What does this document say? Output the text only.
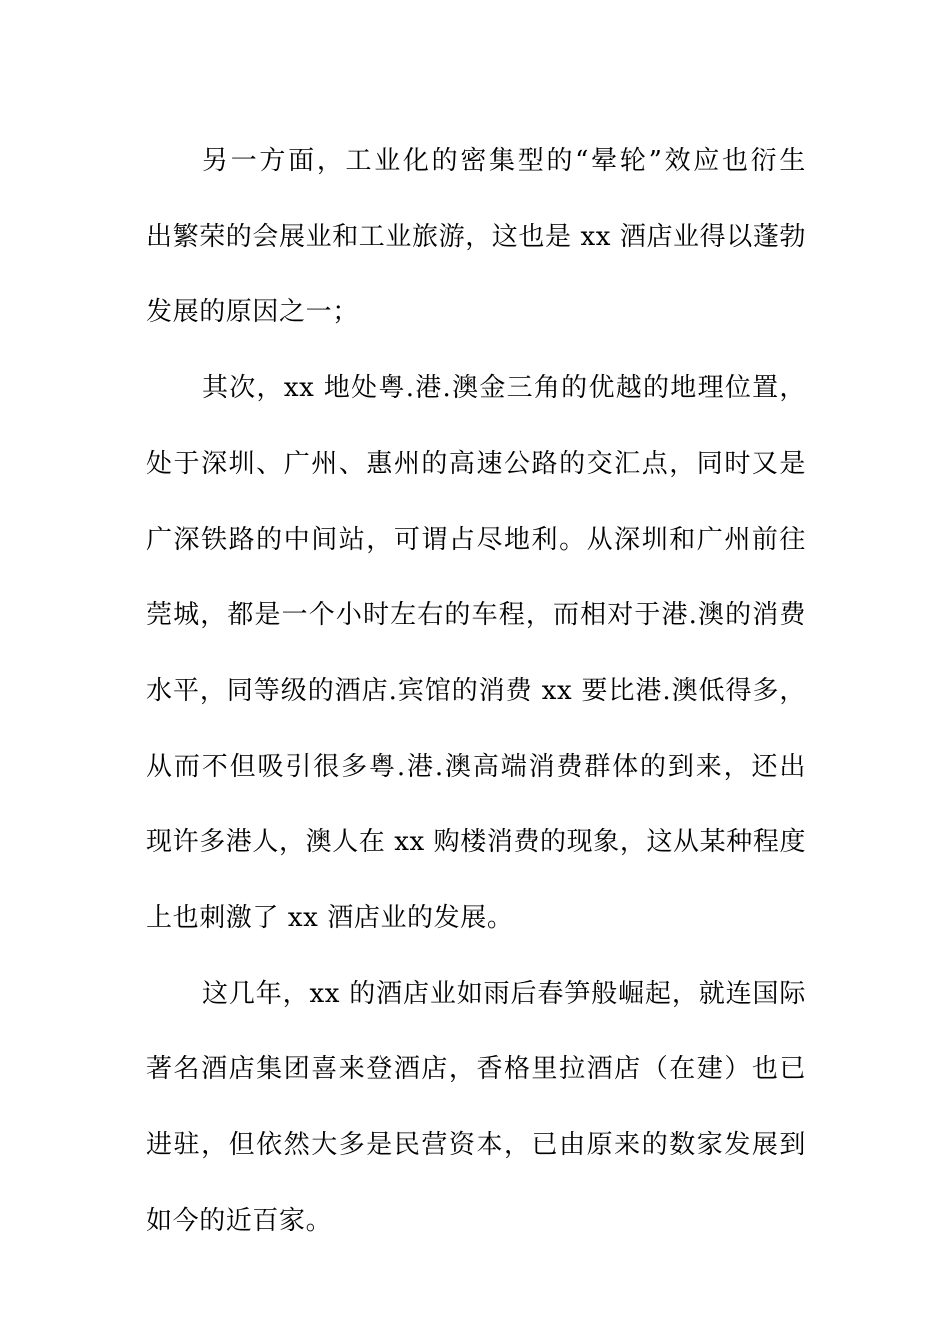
另一方面，工业化的密集型的“晕轮”效应也衍生
出繁荣的会展业和工业旅游，这也是 xx 酒店业得以蓬勃
发展的原因之一；
其次，xx 地处粤.港.澳金三角的优越的地理位置，
处于深圳、广州、惠州的高速公路的交汇点，同时又是
广深铁路的中间站，可谓占尽地利。从深圳和广州前往
莞城，都是一个小时左右的车程，而相对于港.澳的消费
水平，同等级的酒店.宾馆的消费 xx 要比港.澳低得多，
从而不但吸引很多粤.港.澳高端消费群体的到来，还出
现许多港人，澳人在 xx 购楼消费的现象，这从某种程度
上也刺激了 xx 酒店业的发展。
这几年，xx 的酒店业如雨后春笋般崛起，就连国际
著名酒店集团喜来登酒店，香格里拉酒店（在建）也已
进驻，但依然大多是民营资本，已由原来的数家发展到
如今的近百家。
